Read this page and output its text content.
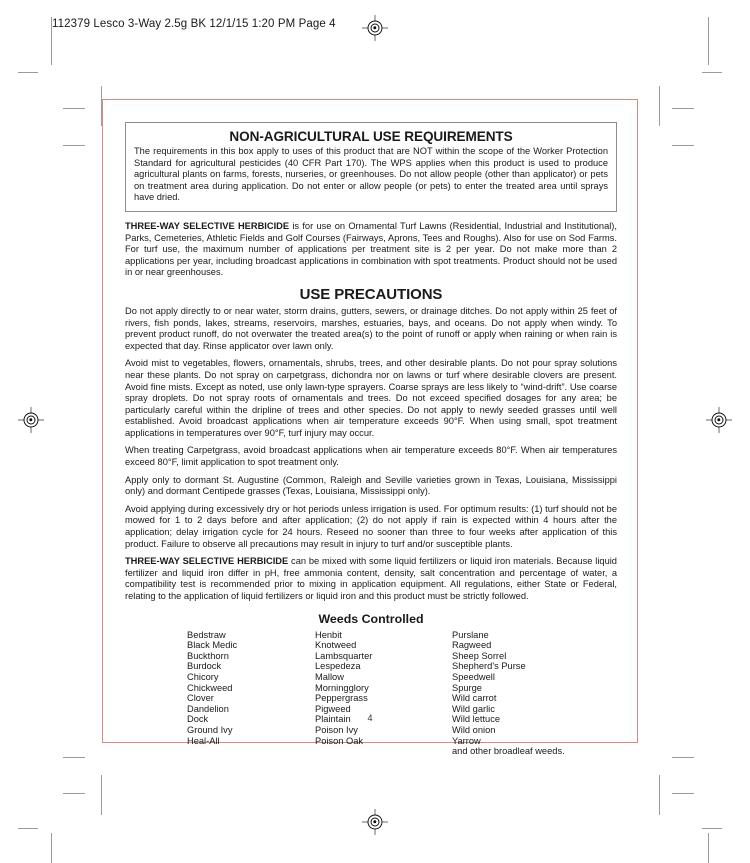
112379 Lesco 3-Way 2.5g BK 12/1/15 1:20 PM Page 4
NON-AGRICULTURAL USE REQUIREMENTS
The requirements in this box apply to uses of this product that are NOT within the scope of the Worker Protection Standard for agricultural pesticides (40 CFR Part 170). The WPS applies when this product is used to produce agricultural plants on farms, forests, nurseries, or greenhouses. Do not allow people (other than applicator) or pets on treatment area during application. Do not enter or allow people (or pets) to enter the treated area until sprays have dried.

THREE-WAY SELECTIVE HERBICIDE is for use on Ornamental Turf Lawns (Residential, Industrial and Institutional), Parks, Cemeteries, Athletic Fields and Golf Courses (Fairways, Aprons, Tees and Roughs). Also for use on Sod Farms. For turf use, the maximum number of applications per treatment site is 2 per year. Do not make more than 2 applications per year, including broadcast applications in combination with spot treatments. Product should not be used in or near greenhouses.

USE PRECAUTIONS

Do not apply directly to or near water, storm drains, gutters, sewers, or drainage ditches. Do not apply within 25 feet of rivers, fish ponds, lakes, streams, reservoirs, marshes, estuaries, bays, and oceans. Do not apply when windy. To prevent product runoff, do not overwater the treated area(s) to the point of runoff or apply when raining or when rain is expected that day. Rinse applicator over lawn only.

Avoid mist to vegetables, flowers, ornamentals, shrubs, trees, and other desirable plants. Do not pour spray solutions near these plants. Do not spray on carpetgrass, dichondra nor on lawns or turf where desirable clovers are present. Avoid fine mists. Except as noted, use only lawn-type sprayers. Coarse sprays are less likely to “wind-drift”. Use coarse spray droplets. Do not spray roots of ornamentals and trees. Do not exceed specified dosages for any area; be particularly careful within the dripline of trees and other species. Do not apply to newly seeded grasses until well established. Avoid broadcast applications when air temperature exceeds 90°F. When using small, spot treatment applications in temperatures over 90°F, turf injury may occur.

When treating Carpetgrass, avoid broadcast applications when air temperature exceeds 80°F. When air temperatures exceed 80°F, limit application to spot treatment only.

Apply only to dormant St. Augustine (Common, Raleigh and Seville varieties grown in Texas, Louisiana, Mississippi only) and dormant Centipede grasses (Texas, Louisiana, Mississippi only).

Avoid applying during excessively dry or hot periods unless irrigation is used. For optimum results: (1) turf should not be mowed for 1 to 2 days before and after application; (2) do not apply if rain is expected within 4 hours after the application; delay irrigation cycle for 24 hours. Reseed no sooner than three to four weeks after application of this product. Failure to observe all precautions may result in injury to turf and/or susceptible plants.

THREE-WAY SELECTIVE HERBICIDE can be mixed with some liquid fertilizers or liquid iron materials. Because liquid fertilizer and liquid iron differ in pH, free ammonia content, density, salt concentration and percentage of water, a compatibility test is recommended prior to mixing in application equipment. All regulations, either State or Federal, relating to the application of liquid fertilizers or liquid iron and this product must be strictly followed.

Weeds Controlled
Bedstraw
Black Medic
Buckthorn
Burdock
Chicory
Chickweed
Clover
Dandelion
Dock
Ground Ivy
Heal-All
Henbit
Knotweed
Lambsquarter
Lespedeza
Mallow
Morningglory
Peppergrass
Pigweed
Plaintain
Poison Ivy
Poison Oak
Purslane
Ragweed
Sheep Sorrel
Shepherd's Purse
Speedwell
Spurge
Wild carrot
Wild garlic
Wild lettuce
Wild onion
Yarrow
and other broadleaf weeds.
4
